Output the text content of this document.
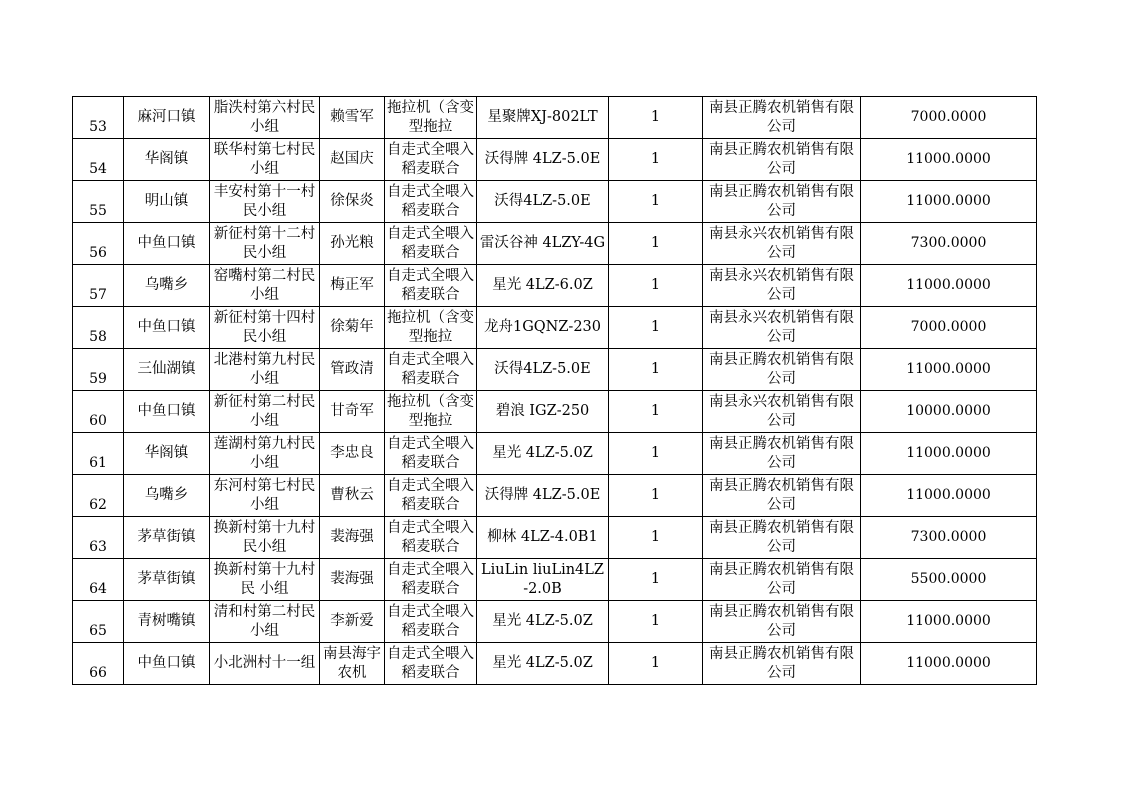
53	麻河口镇	脂泆村第六村民小组	赖雪军	拖拉机（含变型拖拉	星聚牌XJ-802LT	1	南县正腾农机销售有限公司	7000.0000
54	华阁镇	联华村第七村民小组	赵国庆	自走式全喂入稻麦联合	沃得牌 4LZ-5.0E	1	南县正腾农机销售有限公司	11000.0000
55	明山镇	丰安村第十一村民小组	徐保炎	自走式全喂入稻麦联合	沃得4LZ-5.0E	1	南县正腾农机销售有限公司	11000.0000
56	中鱼口镇	新征村第十二村民小组	孙光粮	自走式全喂入稻麦联合	雷沃谷神 4LZY-4G	1	南县永兴农机销售有限公司	7300.0000
57	乌嘴乡	窑嘴村第二村民小组	梅正军	自走式全喂入稻麦联合	星光 4LZ-6.0Z	1	南县永兴农机销售有限公司	11000.0000
58	中鱼口镇	新征村第十四村民小组	徐菊年	拖拉机（含变型拖拉	龙舟1GQNZ-230	1	南县永兴农机销售有限公司	7000.0000
59	三仙湖镇	北港村第九村民小组	管政清	自走式全喂入稻麦联合	沃得4LZ-5.0E	1	南县正腾农机销售有限公司	11000.0000
60	中鱼口镇	新征村第二村民小组	甘奇军	拖拉机（含变型拖拉	碧浪 IGZ-250	1	南县永兴农机销售有限公司	10000.0000
61	华阁镇	莲湖村第九村民小组	李忠良	自走式全喂入稻麦联合	星光 4LZ-5.0Z	1	南县正腾农机销售有限公司	11000.0000
62	乌嘴乡	东河村第七村民小组	曹秋云	自走式全喂入稻麦联合	沃得牌 4LZ-5.0E	1	南县正腾农机销售有限公司	11000.0000
63	茅草街镇	换新村第十九村民小组	裴海强	自走式全喂入稻麦联合	柳林 4LZ-4.0B1	1	南县正腾农机销售有限公司	7300.0000
64	茅草街镇	换新村第十九村民 小组	裴海强	自走式全喂入稻麦联合	LiuLin liuLin4LZ-2.0B	1	南县正腾农机销售有限公司	5500.0000
65	青树嘴镇	清和村第二村民小组	李新爱	自走式全喂入稻麦联合	星光 4LZ-5.0Z	1	南县正腾农机销售有限公司	11000.0000
66	中鱼口镇	小北洲村十一组	南县海宇农机	自走式全喂入稻麦联合	星光 4LZ-5.0Z	1	南县正腾农机销售有限公司	11000.0000
